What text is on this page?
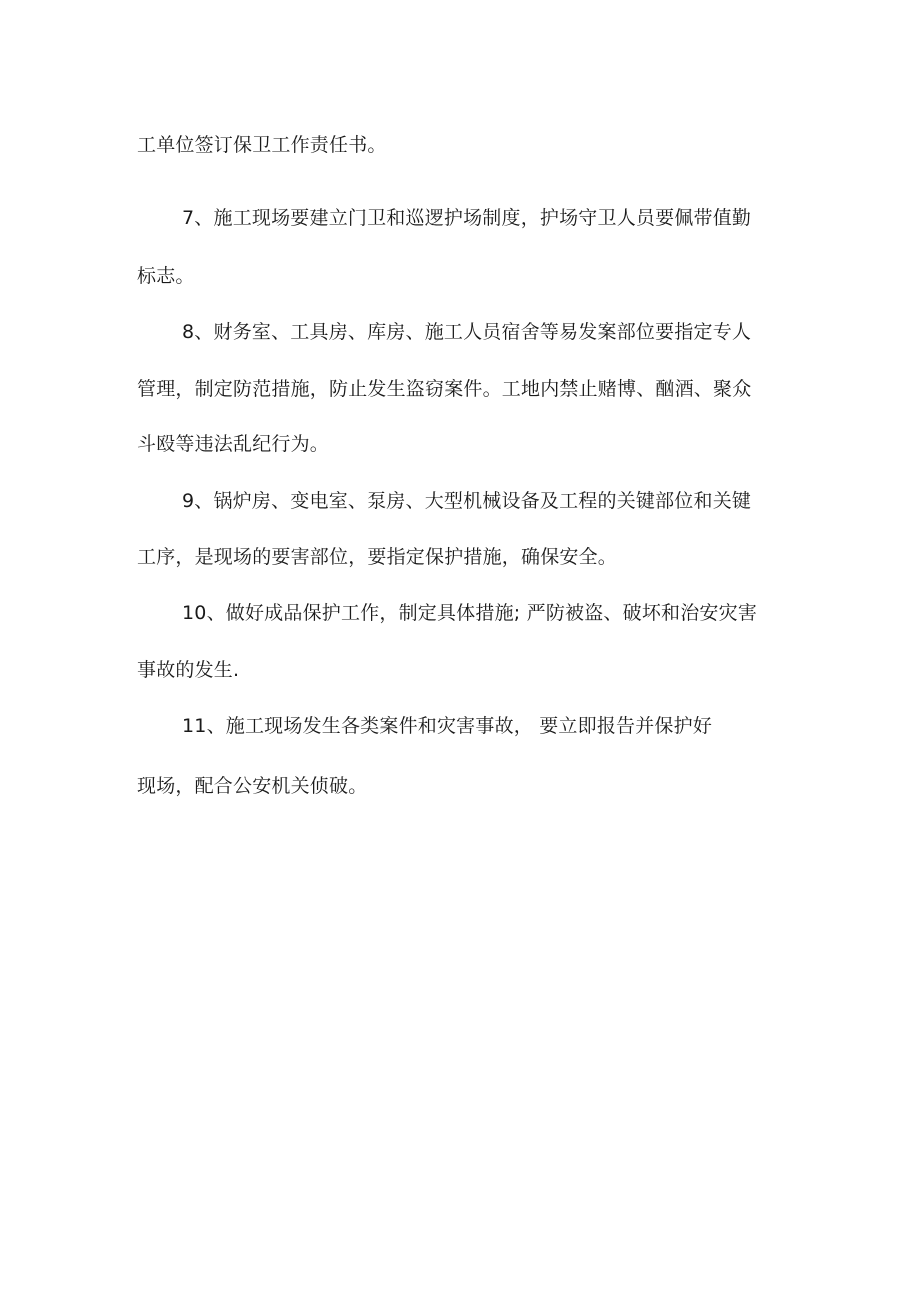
工单位签订保卫工作责任书。
7、施工现场要建立门卫和巡逻护场制度，护场守卫人员要佩带值勤
标志。
8、财务室、工具房、库房、施工人员宿舍等易发案部位要指定专人
管理，制定防范措施，防止发生盗窃案件。工地内禁止赌博、酗酒、聚众
斗殴等违法乱纪行为。
9、锅炉房、变电室、泵房、大型机械设备及工程的关键部位和关键
工序，是现场的要害部位，要指定保护措施，确保安全。
10、做好成品保护工作，制定具体措施; 严防被盗、破坏和治安灾害
事故的发生.
11、施工现场发生各类案件和灾害事故， 要立即报告并保护好
现场，配合公安机关侦破。
